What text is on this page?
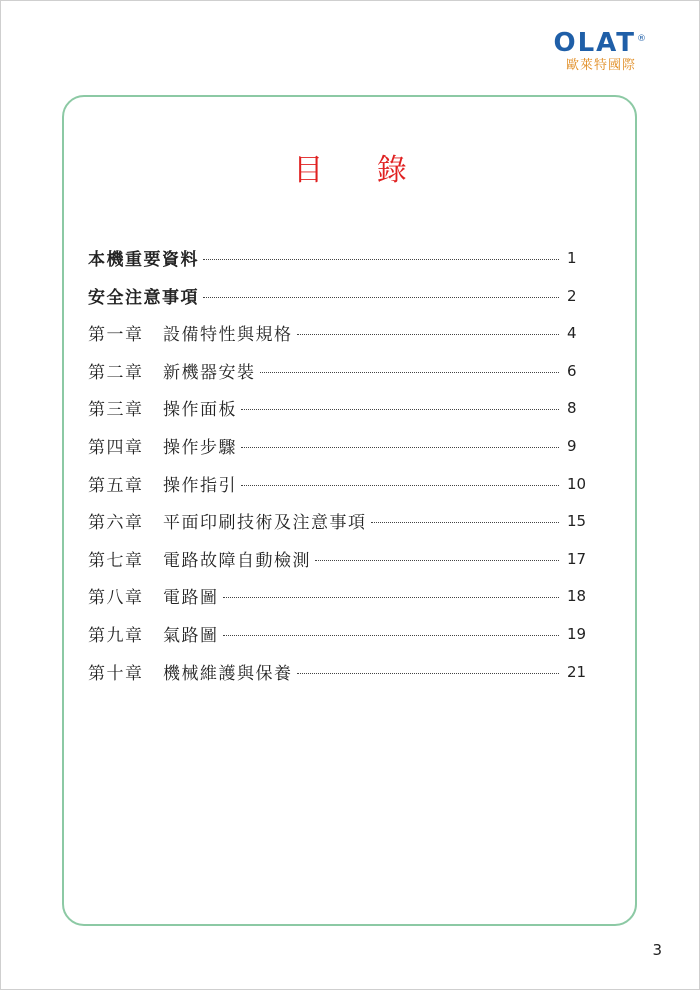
OLAT ®
歐萊特國際
目 錄
本機重要資料	1
安全注意事項	2
第一章 設備特性與規格	4
第二章 新機器安裝	6
第三章 操作面板	8
第四章 操作步驟	9
第五章 操作指引	10
第六章 平面印刷技術及注意事項	15
第七章 電路故障自動檢測	17
第八章 電路圖	18
第九章 氣路圖	19
第十章 機械維護與保養	21
3
